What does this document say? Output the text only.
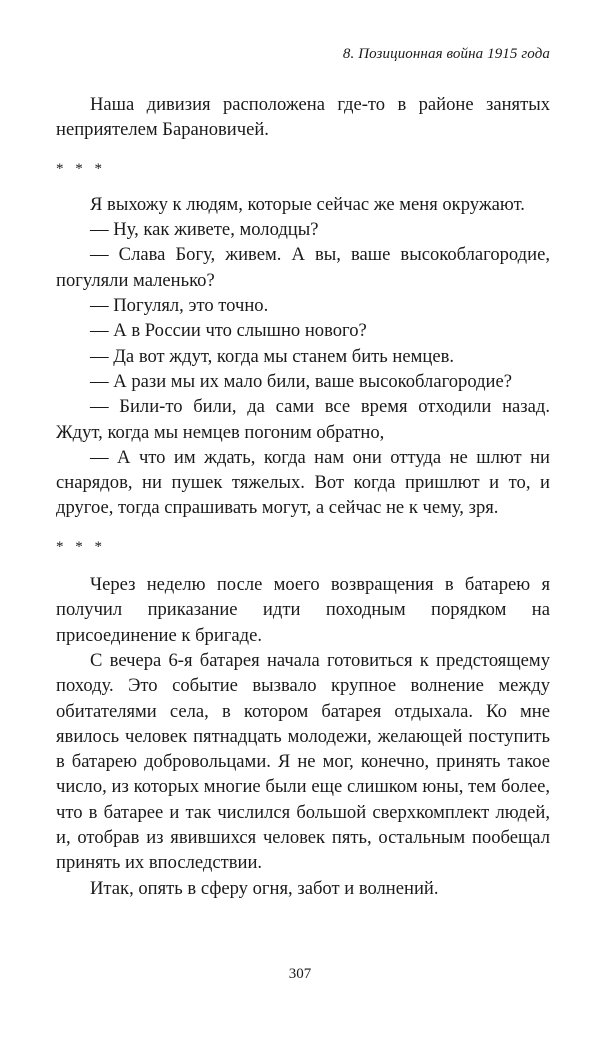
8. Позиционная война 1915 года

Наша дивизия расположена где-то в районе занятых неприятелем Барановичей.

* * *

Я выхожу к людям, которые сейчас же меня окружают.

— Ну, как живете, молодцы?

— Слава Богу, живем. А вы, ваше высокоблагородие, погуляли маленько?

— Погулял, это точно.

— А в России что слышно нового?

— Да вот ждут, когда мы станем бить немцев.

— А рази мы их мало били, ваше высокоблагородие?

— Били-то били, да сами все время отходили назад. Ждут, когда мы немцев погоним обратно,

— А что им ждать, когда нам они оттуда не шлют ни снарядов, ни пушек тяжелых. Вот когда пришлют и то, и другое, тогда спрашивать могут, а сейчас не к чему, зря.

* * *

Через неделю после моего возвращения в батарею я получил приказание идти походным порядком на присоединение к бригаде.

С вечера 6-я батарея начала готовиться к предстоящему походу. Это событие вызвало крупное волнение между обитателями села, в котором батарея отдыхала. Ко мне явилось человек пятнадцать молодежи, желающей поступить в батарею добровольцами. Я не мог, конечно, принять такое число, из которых многие были еще слишком юны, тем более, что в батарее и так числился большой сверхкомплект людей, и, отобрав из явившихся человек пять, остальным пообещал принять их впоследствии.

Итак, опять в сферу огня, забот и волнений.

307
